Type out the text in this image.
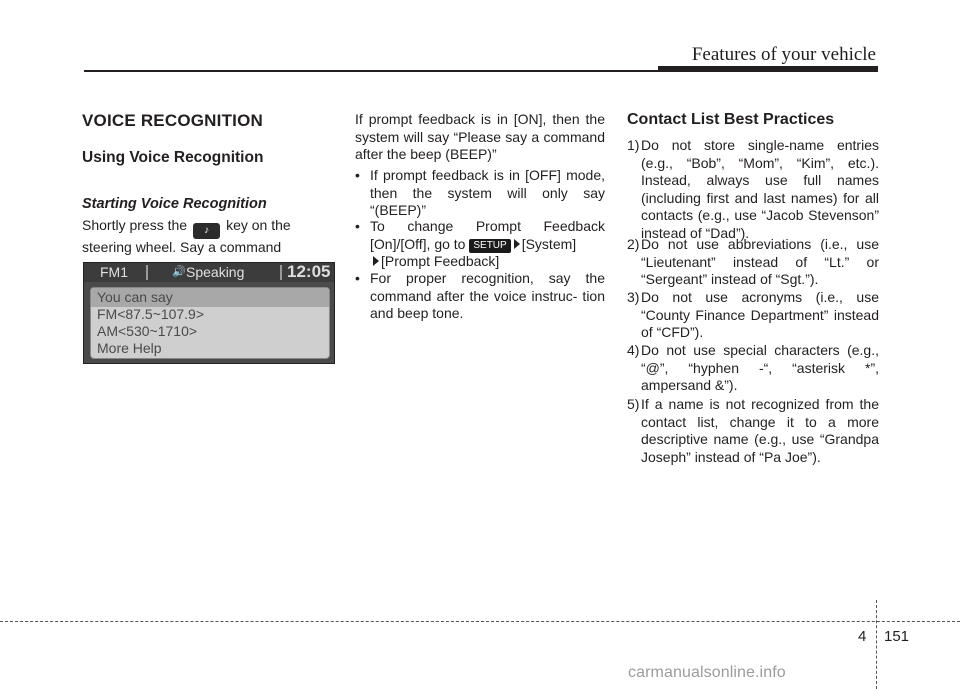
Features of your vehicle
VOICE RECOGNITION
Using Voice Recognition
Starting Voice Recognition
Shortly press the ♪ key on the
steering wheel. Say a command
FM1	🔊 Speaking	12:05
You can say
FM<87.5~107.9>
AM<530~1710>
More Help
If prompt feedback is in [ON], then the system will say “Please say a command after the beep (BEEP)”
• If prompt feedback is in [OFF] mode, then the system will only say “(BEEP)”
• To change Prompt Feedback [On]/[Off], go to SETUP [System]
[Prompt Feedback]
• For proper recognition, say the command after the voice instruc- tion and beep tone.
Contact List Best Practices
1) Do not store single-name entries (e.g., “Bob”, “Mom”, “Kim”, etc.). Instead, always use full names (including first and last names) for all contacts (e.g., use “Jacob Stevenson” instead of “Dad”).
2) Do not use abbreviations (i.e., use “Lieutenant” instead of “Lt.” or “Sergeant” instead of “Sgt.”).
3) Do not use acronyms (i.e., use “County Finance Department” instead of “CFD”).
4) Do not use special characters (e.g., “@”, “hyphen -“, “asterisk *”, ampersand &”).
5) If a name is not recognized from the contact list, change it to a more descriptive name (e.g., use “Grandpa Joseph” instead of “Pa Joe”).
4 151
carmanualsonline.info
